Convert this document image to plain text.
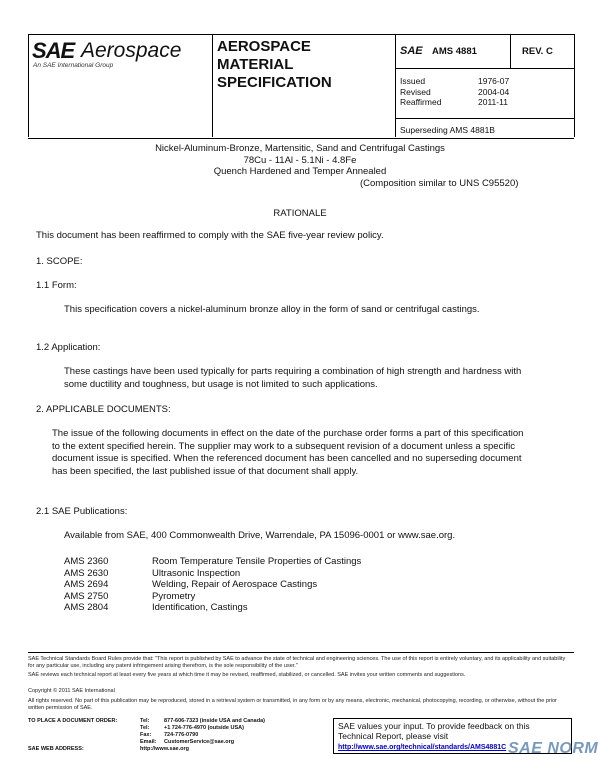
SAE Aerospace
An SAE International Group
AEROSPACE
MATERIAL
SPECIFICATION
SAE AMS 4881	REV. C
Issued	1976-07
Revised	2004-04
Reaffirmed	2011-11
Superseding AMS 4881B
Nickel-Aluminum-Bronze, Martensitic, Sand and Centrifugal Castings
78Cu - 11Al - 5.1Ni - 4.8Fe
Quench Hardened and Temper Annealed
(Composition similar to UNS C95520)
RATIONALE
This document has been reaffirmed to comply with the SAE five-year review policy.
1. SCOPE:
1.1 Form:
This specification covers a nickel-aluminum bronze alloy in the form of sand or centrifugal castings.
1.2 Application:
These castings have been used typically for parts requiring a combination of high strength and hardness with some ductility and toughness, but usage is not limited to such applications.
2. APPLICABLE DOCUMENTS:
The issue of the following documents in effect on the date of the purchase order forms a part of this specification to the extent specified herein. The supplier may work to a subsequent revision of a document unless a specific document issue is specified. When the referenced document has been cancelled and no superseding document has been specified, the last published issue of that document shall apply.
2.1 SAE Publications:
Available from SAE, 400 Commonwealth Drive, Warrendale, PA 15096-0001 or www.sae.org.
AMS 2360	Room Temperature Tensile Properties of Castings
AMS 2630	Ultrasonic Inspection
AMS 2694	Welding, Repair of Aerospace Castings
AMS 2750	Pyrometry
AMS 2804	Identification, Castings
SAE Technical Standards Board Rules provide that: "This report is published by SAE to advance the state of technical and engineering sciences. The use of this report is entirely voluntary, and its applicability and suitability for any particular use, including any patent infringement arising therefrom, is the sole responsibility of the user."
SAE reviews each technical report at least every five years at which time it may be revised, reaffirmed, stabilized, or cancelled. SAE invites your written comments and suggestions.
Copyright © 2011 SAE International
All rights reserved. No part of this publication may be reproduced, stored in a retrieval system or transmitted, in any form or by any means, electronic, mechanical, photocopying, recording, or otherwise, without the prior written permission of SAE.
TO PLACE A DOCUMENT ORDER:	Tel:	877-606-7323 (inside USA and Canada)
	Tel:	+1 724-776-4970 (outside USA)
	Fax:	724-776-0790
	Email:	CustomerService@sae.org
SAE WEB ADDRESS:	http://www.sae.org	
SAE values your input. To provide feedback on this Technical Report, please visit
http://www.sae.org/technical/standards/AMS4881C SAE NORM
